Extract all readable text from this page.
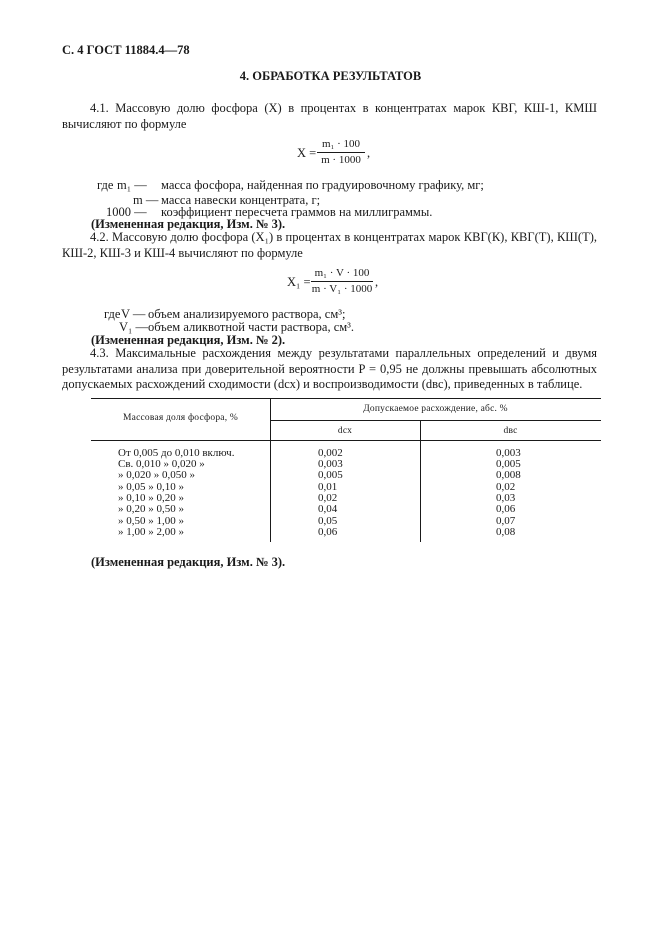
С. 4 ГОСТ 11884.4—78
4. ОБРАБОТКА РЕЗУЛЬТАТОВ
4.1. Массовую долю фосфора (X) в процентах в концентратах марок КВГ, КШ-1, КМШ
вычисляют по формуле
X =
m₁ · 100
m · 1000 ,
где m₁ — масса фосфора, найденная по градуировочному графику, мг;
m — масса навески концентрата, г;
1000 — коэффициент пересчета граммов на миллиграммы.
(Измененная редакция, Изм. № 3).
4.2. Массовую долю фосфора (X₁) в процентах в концентратах марок КВГ(К), КВГ(Т), КШ(Т),
КШ-2, КШ-3 и КШ-4 вычисляют по формуле
X₁ =
m₁ · V · 100
m · V₁ · 1000 ,
где V — объем анализируемого раствора, см³;
V₁ — объем аликвотной части раствора, см³.
(Измененная редакция, Изм. № 2).
4.3. Максимальные расхождения между результатами параллельных определений и двумя
результатами анализа при доверительной вероятности P = 0,95 не должны превышать абсолютных
допускаемых расхождений сходимости (dсх) и воспроизводимости (dвс), приведенных в таблице.
Массовая доля фосфора, %
Допускаемое расхождение, абс. %
dсх	dвс
От 0,005 до 0,010 включ.	0,002	0,003
Св. 0,010 » 0,020 »	0,003	0,005
» 0,020 » 0,050 »	0,005	0,008
» 0,05 » 0,10 »	0,01	0,02
» 0,10 » 0,20 »	0,02	0,03
» 0,20 » 0,50 »	0,04	0,06
» 0,50 » 1,00 »	0,05	0,07
» 1,00 » 2,00 »	0,06	0,08
(Измененная редакция, Изм. № 3).
